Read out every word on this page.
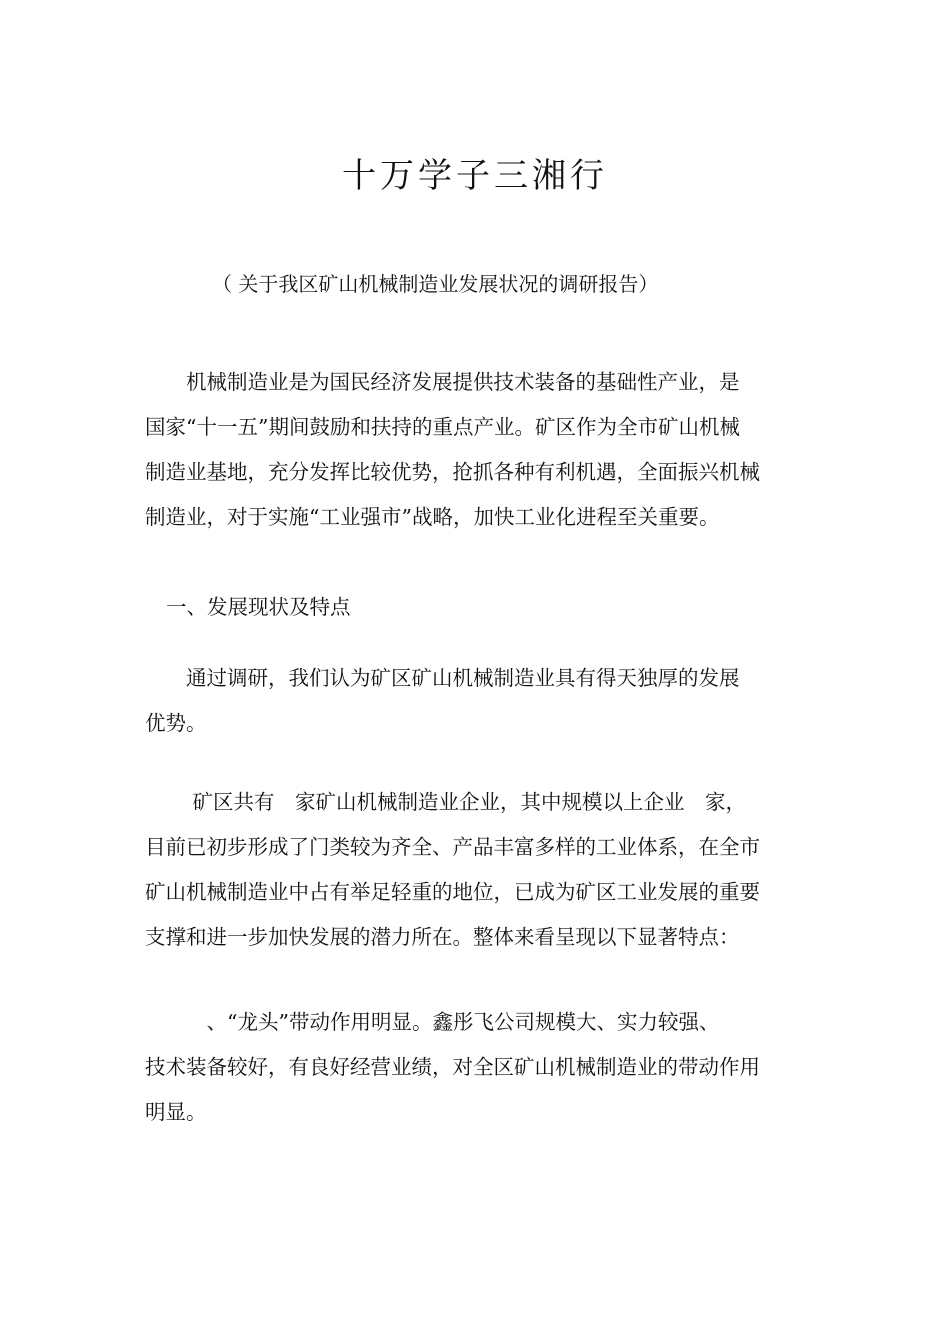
十万学子三湘行
（ 关于我区矿山机械制造业发展状况的调研报告）

　　机械制造业是为国民经济发展提供技术装备的基础性产业，是
国家“十一五”期间鼓励和扶持的重点产业。矿区作为全市矿山机械
制造业基地，充分发挥比较优势，抢抓各种有利机遇，全面振兴机械
制造业，对于实施“工业强市”战略，加快工业化进程至关重要。

一、发展现状及特点

　　通过调研，我们认为矿区矿山机械制造业具有得天独厚的发展
优势。

　　 矿区共有　家矿山机械制造业企业，其中规模以上企业　家，
目前已初步形成了门类较为齐全、产品丰富多样的工业体系，在全市
矿山机械制造业中占有举足轻重的地位，已成为矿区工业发展的重要
支撑和进一步加快发展的潜力所在。整体来看呈现以下显著特点：

　　　、“龙头”带动作用明显。鑫彤飞公司规模大、实力较强、
技术装备较好，有良好经营业绩，对全区矿山机械制造业的带动作用
明显。
